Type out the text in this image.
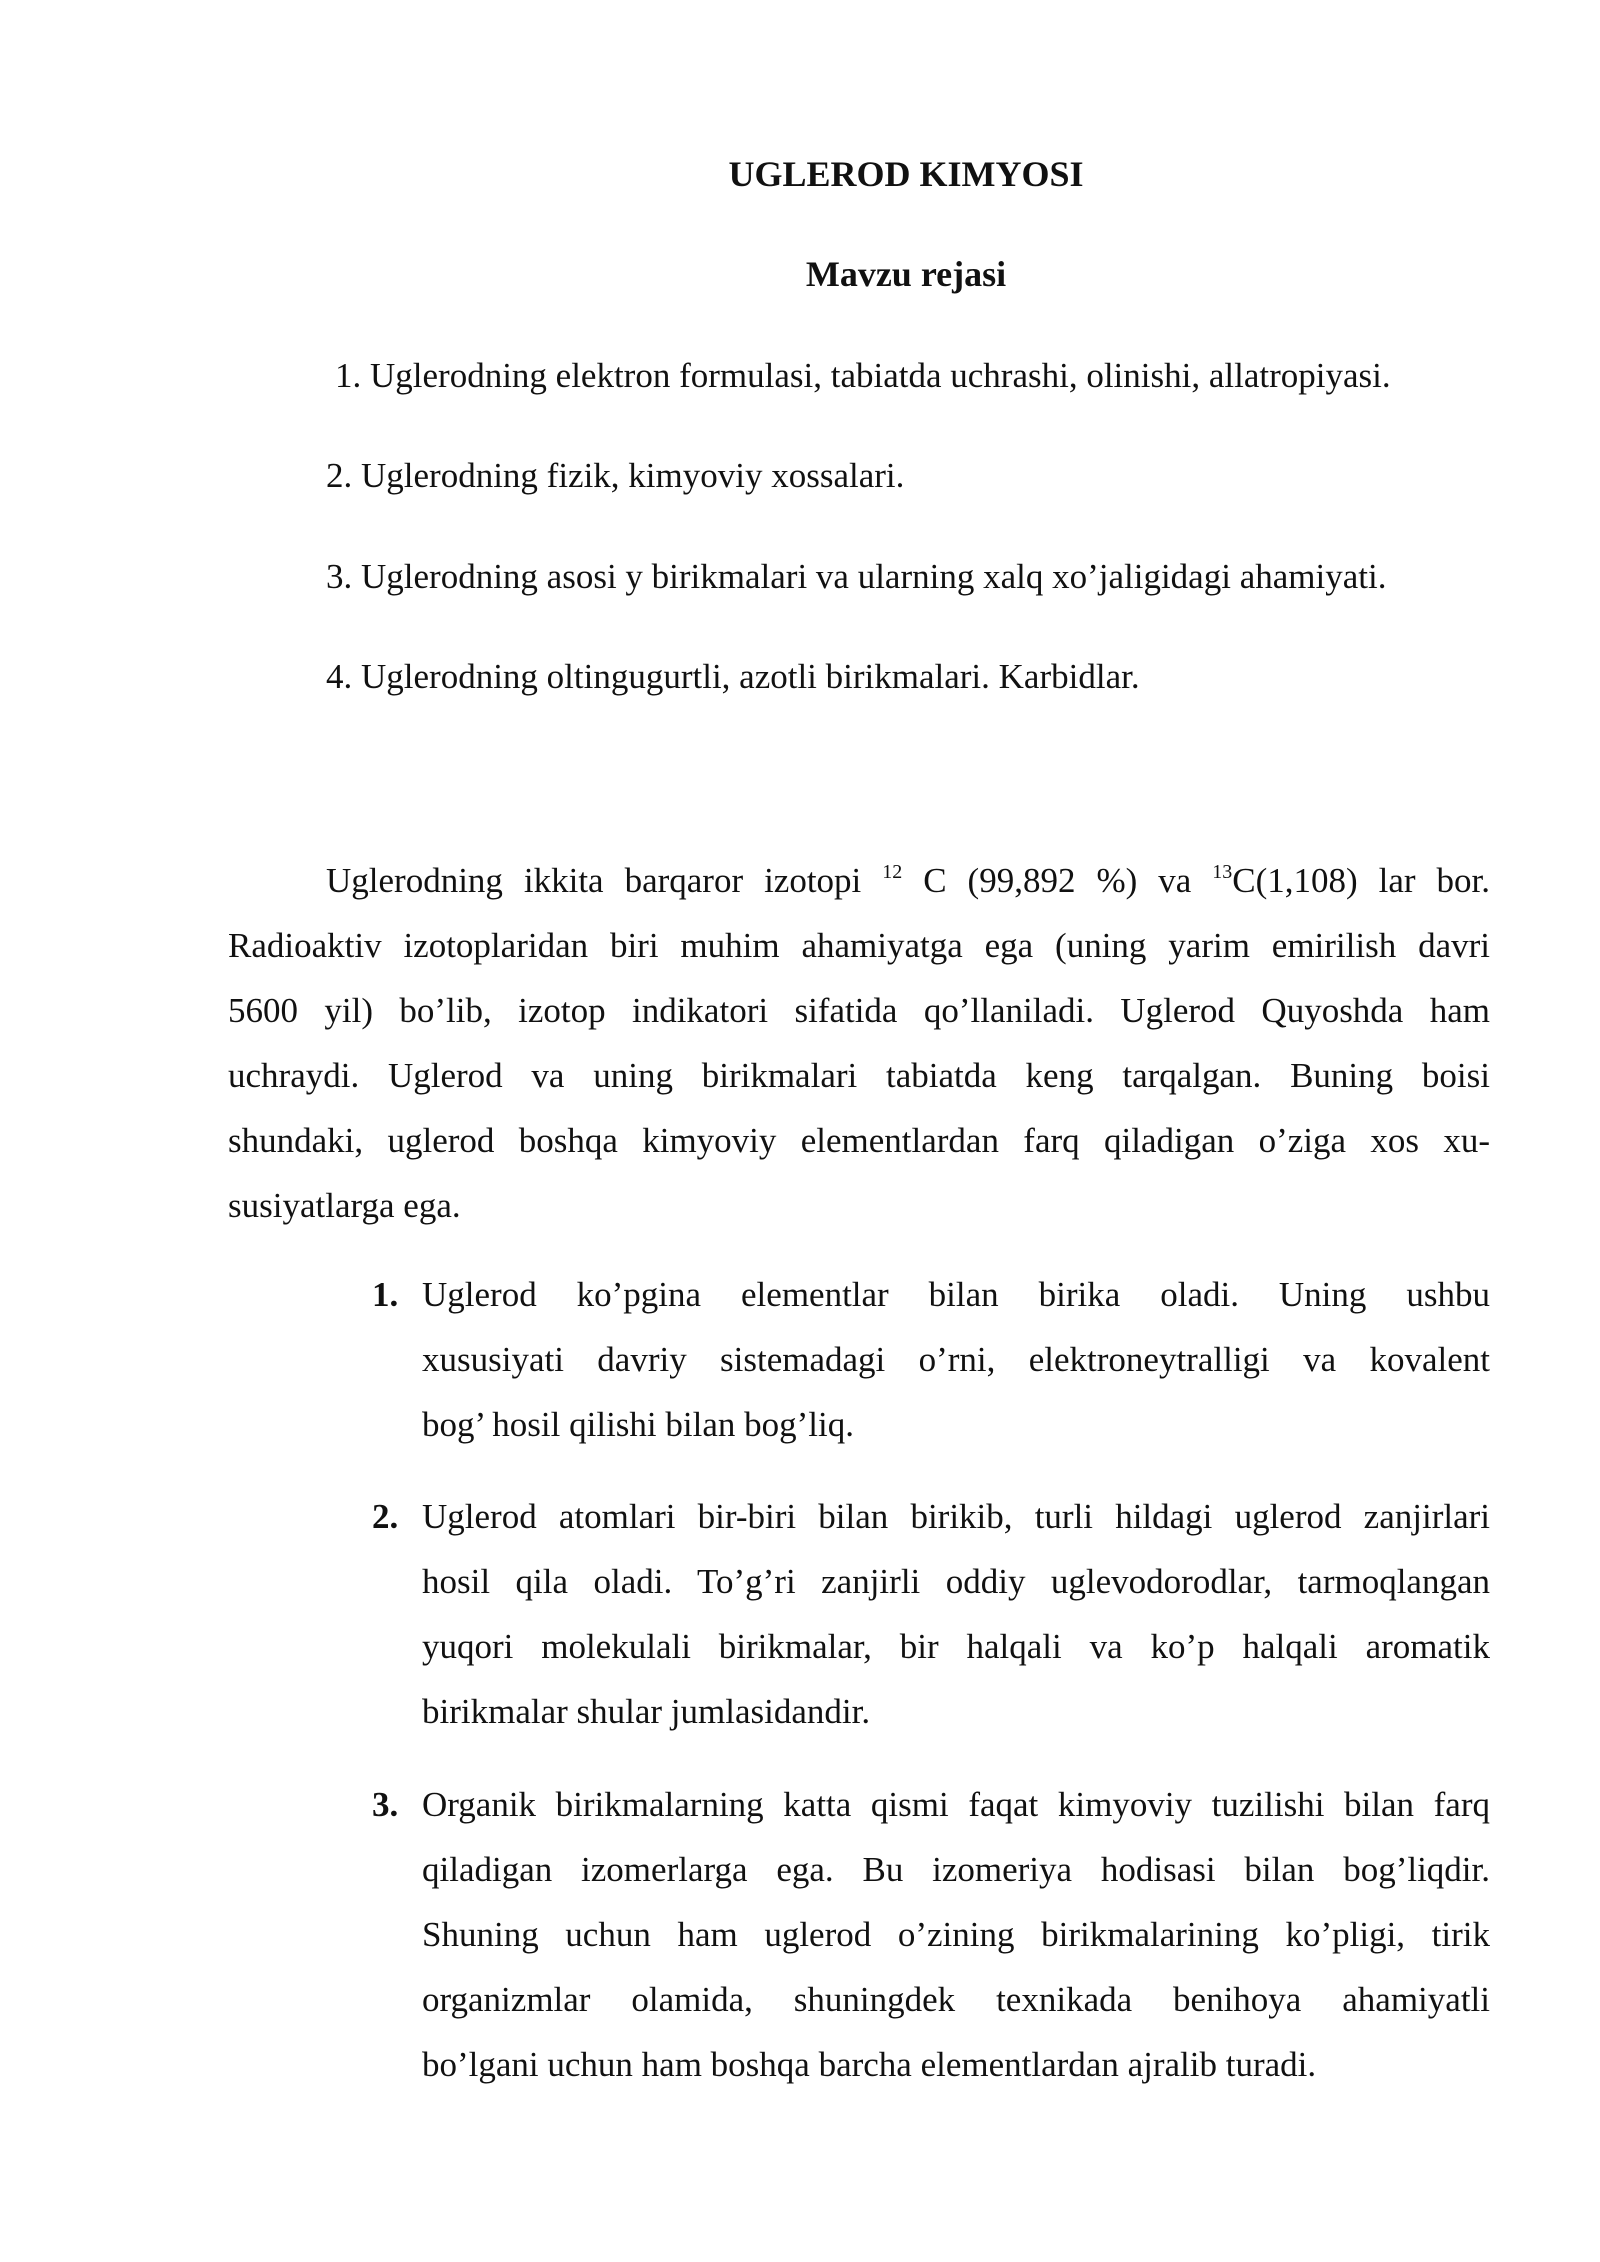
UGLEROD KIMYOSI
Mavzu rejasi
1. Uglerodning elektron formulasi, tabiatda uchrashi, olinishi, allatropiyasi.
2. Uglerodning fizik, kimyoviy xossalari.
3. Uglerodning asosi y birikmalari va ularning xalq xo’jaligidagi ahamiyati.
4. Uglerodning oltingugurtli, azotli birikmalari. Karbidlar.
Uglerodning ikkita barqaror izotopi $^{12}$ C (99,892 %) va $^{13}$C(1,108) lar bor.
Radioaktiv izotoplaridan biri muhim ahamiyatga ega (uning yarim emirilish davri
5600 yil) bo’lib, izotop indikatori sifatida qo’llaniladi. Uglerod Quyoshda ham
uchraydi. Uglerod va uning birikmalari tabiatda keng tarqalgan. Buning boisi
shundaki, uglerod boshqa kimyoviy elementlardan farq qiladigan o’ziga xos xu-
susiyatlarga ega.
1. Uglerod ko’pgina elementlar bilan birika oladi. Uning ushbu
xususiyati davriy sistemadagi o’rni, elektroneytralligi va kovalent
bog’ hosil qilishi bilan bog’liq.
2. Uglerod atomlari bir-biri bilan birikib, turli hildagi uglerod zanjirlari
hosil qila oladi. To’g’ri zanjirli oddiy uglevodorodlar, tarmoqlangan
yuqori molekulali birikmalar, bir halqali va ko’p halqali aromatik
birikmalar shular jumlasidandir.
3. Organik birikmalarning katta qismi faqat kimyoviy tuzilishi bilan farq
qiladigan izomerlarga ega. Bu izomeriya hodisasi bilan bog’liqdir.
Shuning uchun ham uglerod o’zining birikmalarining ko’pligi, tirik
organizmlar olamida, shuningdek texnikada benihoya ahamiyatli
bo’lgani uchun ham boshqa barcha elementlardan ajralib turadi.
